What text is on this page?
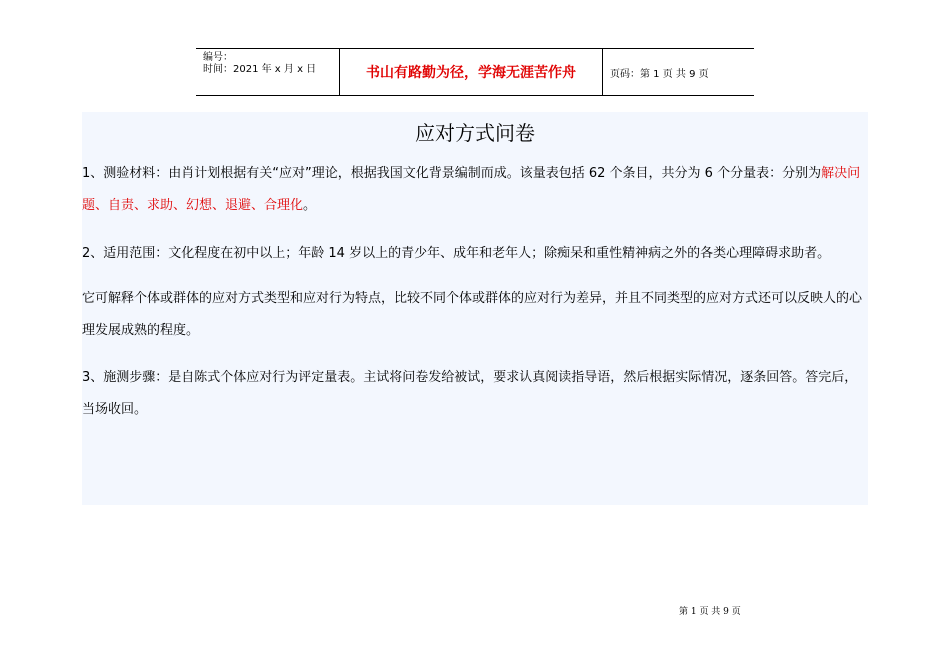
编号：
时间：2021 年 x 月 x 日	书山有路勤为径，学海无涯苦作舟	页码：第 1 页 共 9 页
应对方式问卷

1、测验材料：由肖计划根据有关“应对”理论，根据我国文化背景编制而成。该量表包括 62 个条目，共分为 6 个分量表：分别为解决问题、自责、求助、幻想、退避、合理化。

2、适用范围：文化程度在初中以上；年龄 14 岁以上的青少年、成年和老年人；除痴呆和重性精神病之外的各类心理障碍求助者。

它可解释个体或群体的应对方式类型和应对行为特点，比较不同个体或群体的应对行为差异，并且不同类型的应对方式还可以反映人的心理发展成熟的程度。

3、施测步骤：是自陈式个体应对行为评定量表。主试将问卷发给被试，要求认真阅读指导语，然后根据实际情况，逐条回答。答完后，当场收回。

第 1 页 共 9 页
